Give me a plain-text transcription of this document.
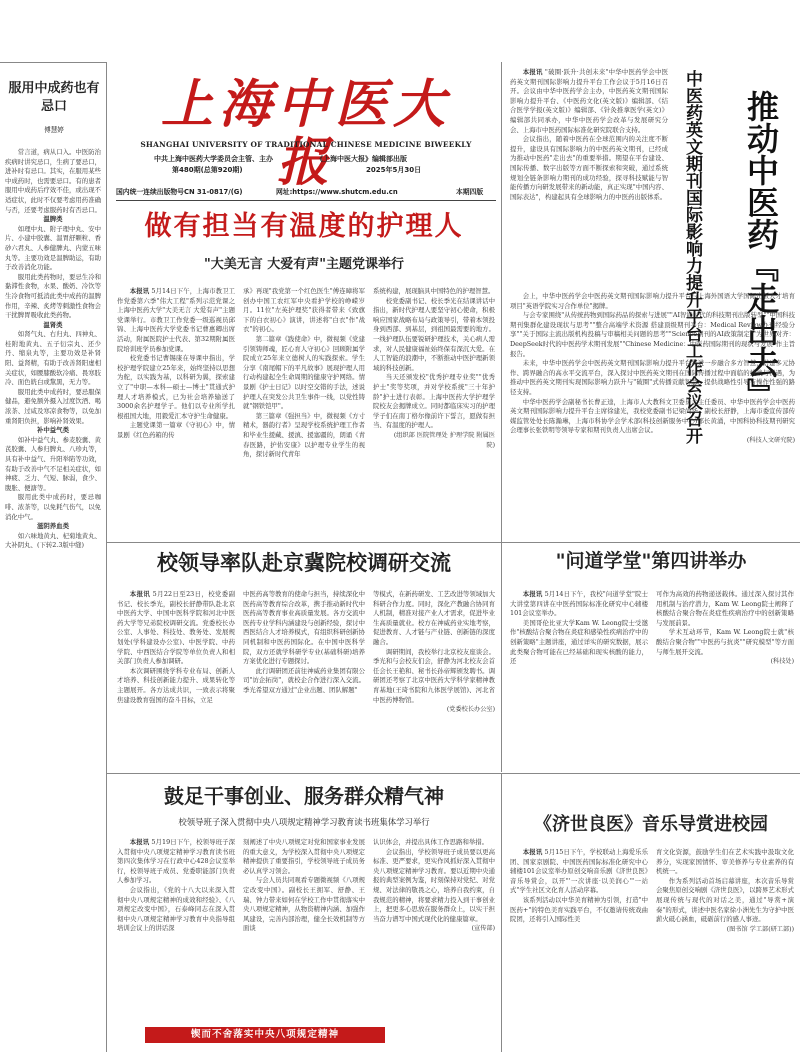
服用中成药也有忌口
傅慧婷

常言道，病从口入。中医防治疾病时讲究忌口，生病了要忌口，进补时有忌口。其实，在服用某些中成药时，也需要忌口。有的患者服用中成药后疗效不佳，或出现不适症状，此时不仅要考虑用药准确与否，还要考虑服药时有否忌口。

温脾类

如理中丸、附子理中丸、安中片、小建中胶囊、温胃舒颗粒、香砂六君丸、人参健脾丸、内蒙五味丸等。主要功效是温脾助运，有助于改善消化功能。

服用此类药物时，要忌生冷和黏滞性食物，水果、酸奶、冷饮等生冷食物可抵消此类中成药的温脾作用，辛辣、炙烤等刺激性食物会干扰脾胃吸收此类药物。

温肾类

如肾气丸、右归丸、四神丸、桂附地黄丸、五子衍宗丸、还少丹、缩泉丸等，主要功效是补肾阳、益肾精，有助于改善肾阳虚相关症状，如腰膝酸软冷痛、畏寒肢冷、面色㿠白或黧黑，无力等。

服用此类中成药时，要忌服保健品，避免额外摄入过度饮酒、喝浓茶、过咸及寒凉食物等，以免加重肾阳负担，影响补肾效果。

补中益气类

如补中益气丸、参麦胶囊、黄芪胶囊、人参归脾丸、八珍丸等，具有补中益气、升阳举陷等功效，有助于改善中气不足相关症状，如神疲、乏力、气短、脉弱，食少、腹胀、便溏等。

服用此类中成药时，要忌咖啡、浓茶等，以免耗气伤气，以免消化中气。

滋阴养血类

如六味地黄丸、杞菊地黄丸、大补阴丸、(下转2.3版中缝)

上海中医大报
SHANGHAI UNIVERSITY OF TRADITIONAL CHINESE MEDICINE BIWEEKLY
中共上海中医药大学委员会主管、主办	《上海中医大报》编辑部出版
第480期(总第920期)	2025年5月30日
国内统一连续出版物号CN 31-0817/(G)	网址:https://www.shutcm.edu.cn	本期四版
做有担当有温度的护理人
"大美无言 大爱有声"主题党课举行

本报讯 5月14日下午，上海市教卫工作党委第六季"伟大工程"系列示范党课之上海中医药大学"大美无言 大爱有声"主题党课举行。市教卫工作党委一级巡视员邱锦、上海中医药大学党委书记曹惠卿出席活动，附属医院护士代表、第32期附属医院培训班学员参加党课。

校党委书记曹锡康在导课中指出，学校护理学院建立25年来，始终坚持以思想为舵，以实践为基，以科研为翼，探索建立了"中职—本科—硕士—博士"贯通式护理人才培养模式，已为社会培养输送了3000余名护理学子。他们以专业所学扎根祖国大地，用毅爱汇本守护生命健康。

主题党课第一篇章《守初心》中，情景剧《红色药箱的传

承》再现"我党第一个红色医生"傅连暲将军创办中国工农红军中央看护学校的峥嵘岁月。11位"左英护理奖"获得者带来《致旗下的白衣初心》演讲，讲述将"白衣"作"战衣"的初心。

第二篇章《践使命》中，微视频《党建引领铸师魂，匠心育人守初心》回顾附属学院成立25年来立德树人的实践探索。学生分享《南尾帽下的平凡故事》展现护理人用行动构建起全生命周期的健康守护网络。情景剧《护士日记》以时空交错的手法，述说护理人在突发公共卫生事件一线，以党性铸就"钢铁铠甲"。

第三篇章《强担当》中，微视频《方寸精术，器韵行者》呈现学校系统护理工作者和毕业生援藏、援滇、援塞疆的，朗诵《青春医路，护佑安康》以护理专业学生的视角，探讨新时代青年

系统构建，展现脑具中国特色的护理智慧。

校党委副书记、校长季光在结课讲话中指出，新时代护理人要坚守初心使命，积极响应国家战略布局与政策导引，带着本领投身到西部、到基层，到祖国最需要的地方。一线护理队伍要锐研护理技术，关心病人需求，对人民健康福祉始终保有深沉大爱。在人工智能的浪潮中，不断推动中医护理新领域的科技创新。

当天还颁发校"优秀护理专业奖""优秀护士"奖等奖项，并对学校系统"三十年护龄"护士进行表彰。上海中医药大学护理学院校友会揭牌成立。同时都临床实习的护理学子们在南丁格尔像前许下誓言，愿做有担当、有温度的护理人。

(组织部 医院管理处 护理学院 附属医院)

推动中医药『走出去』
中医药英文期刊国际影响力提升平台工作会议召开

本报讯 "破圈·跃升·共创未来"中华中医药学会中医药英文期刊国际影响力提升平台工作会议于5月16日召开。会议由中华中医药学会主办，中医药英文期刊国际影响力提升平台、《中医药文化(英文版)》编辑部、《结合医学学报(英文版)》编辑部、《针灸推拿医学(英文)》编辑部共同承办，中华中医药学会改革与发展研究分会、上海市中医药国际标准化研究院联合支持。

会议指出，随着中医药在全球范围内的关注度不断提升，建设具有国际影响力的中医药英文期刊，已经成为推动中医药"走出去"的重要举措。期望在平台建设、国际传播、数字出版等方面不断探索和突破，通过系统规划全链条影响力期刊的成功经验，探寻科技赋能与智能传播方向研发展带来的新动能，真正实现"中国内容、国际表达"，构建起具有全球影响力的中医药出版体系。

会上，中华中医药学会中医药英文期刊国际影响力提升平台与上海外国语大学国际出版人才培育项目"英语学院实习合作单位"揭牌。

与会专家围绕"从传统药物到国际药品的探索与进展""AI智能时代的科技期刊出版转型""中国科技期刊集群化建设现状与思考""整合高端学术资源 搭建顶级期刊平台：Medical Review办刊经验分享""关于国际主流出版机构投稿与审稿相关问题的思考""Science期刊的AI政策制定""为世界对齐：DeepSeek时代的中医药学术期刊发展""Chinese Medicine：中医药国际期刊的现状与发展"作主旨报告。

未来，中华中医药学会中医药英文期刊国际影响力提升平台将进一步融合多方智慧，搭建多元协作、跨界融合的高水平交流平台，深入探讨中医药英文期刊在国际传播过程中面临的挑战与机遇，为推动中医药英文期刊实现国际影响力跃升与"破圈"式传播贡献智慧，提供战略性引导与操作性强的路径支持。

中华中医药学会副秘书长曹正逵，上海市人大教科文卫委员会主任委员、中华中医药学会中医药英文期刊国际影响力提升平台主席徐建光，我校党委副书记梁尚华、副校长舒静，上海市委宣传部传媒监管处处长陈瀚琳，上海市科协学会学术部(科技创新服务中心)部长黄涌，中国科协科技期刊研究会理事长张铁明等领导专家和期刊负责人出席会议。

(科技人文研究院)

校领导率队赴京冀院校调研交流

本报讯 5月22日至23日，校党委副书记、校长季光，副校长舒静带队赴北京中医药大学、中国中医科学院和河北中医药大学等兄弟院校调研交流。党委校长办公室、人事处、科技处、教务处、发展规划处(学科建设办公室)、中医学院、中药学院、中西医结合学院等单位负责人和相关部门负责人参加调研。

本次调研围绕学科专业布局、创新人才培养、科技创新能力提升、成果转化等主题展开。各方达成共识，一致表示将聚焦建设教育强国的奋斗目标，立足

中医药高等教育的使命与担当，持续深化中医药高等教育综合改革，携手推动新时代中医药高等教育事业高质量发展。各方交流中医药专业学科内涵建设与创新经验，探讨中西医结合人才培养模式，有组织科研创新协同机制和中医药国际化。在中国中医科学院，双方还就学科研学专业(基础科研)培养方案优化进行专题探讨。

此行调研团还前往神威药业集团有限公司"访企拓岗"，就校企合作进行深入交流。季光希望双方通过"企业出题、团队解题"

等模式，在新药研发、工艺改进等领域加大科研合作力度。同时，深化产教融合协同育人机制，精准对接产业人才需求，促进毕业生高质量就业。校方在神威药业实地考察，促进教育、人才链与产业链、创新链的深度融合。

调研期间，我校举行北京校友座谈会。季光和与会校友们会，舒静为河北校友会首任会长王艳和、秘书长孙帝辉颁发聘书。调研团还考察了北京中医药大学科学家精神教育基地(王琦书院和九体医学展馆)、河北省中医药博物馆。

(党委校长办公室)

"问道学堂"第四讲举办

本报讯 5月14日下午，我校"问道学堂"院士大讲堂第四讲在中医药国际标准化研究中心辅楼101会议室举办。

美国哥伦比亚大学Kam W. Leong院士受邀作"核酸结合聚合物在炎症和感染性疾病治疗中的创新策略"主题讲座，通过详实的研究数据，展示此类聚合物可能在已经基础和现实核酸的能力，还

可作为高效的药物递送载体。通过深入探讨其作用机制与治疗潜力，Kam W. Leong院士阐释了核酸结合聚合物在炎症性疾病治疗中的创新策略与发展前景。

学术互动环节，Kam W. Leong院士就"核酸结合聚合物""中医药与抗炎""研究模型"等方面与师生展开交流。

(科技处)

鼓足干事创业、服务群众精气神
校领导班子深入贯彻中央八项规定精神学习教育读书班集体学习举行

本报讯 5月19日下午，校领导班子深入贯彻中央八项规定精神学习教育读书班第四次集体学习在行政中心428会议室举行，校领导班子成员、党委职能部门负责人参加学习。

会议指出，《党的十八大以来深入贯彻中央八项规定精神的成效和经验》、《八项规定改变中国》，石泰峰同志在深入贯彻中央八项规定精神学习教育中央指导组培训会议上的讲话深

刻阐述了中央八项规定对党和国家事业发展的重大意义，为学校深入贯彻中央八项规定精神提供了重要指引，学校领导班子成员务必认真学习领会。

与会人员共同观看专题微视频《八项规定改变中国》。副校长王拥军、舒静、王瑞、钟力带来如何在学校工作中贯彻落实中央八项规定精神，从物资精神内涵、加强作风建设，完善内部治理，健全长效机制等方面谈

认识体会，并提出具体工作思路和举措。

会议指出，学校领导班子成员要以更高标准、更严要求，更实作风抓好深入贯彻中央八项规定精神学习教育。要以近期中央通报的典型案例为鉴，时刻保持对党纪、对党规、对法律的敬畏之心，培养自我约束，自我规范的精神，将要求精力投入到干事创业上，把更多心思放在服务群众上，以实干担当奋力谱写中国式现代化的健康篇章。

(宣传部)

锲而不舍落实中央八项规定精神
《济世良医》音乐导赏进校园

本报讯 5月15日下午，学校联动上海爱乐乐团、国家京剧院、中国医药国际标准化研究中心辅楼101会议室举办原创交响音乐剧《济世良医》音乐导赏会，以开"'一次讲座·以美润心'"一站式"学生社区文化育人活动序幕。

该系列活动以中华美育精神为引领，打造"中医药+"的特色美育实践平台，不仅邀请传统戏曲院团，还将引入国际性美

育文化资源，鼓励学生们在艺术实践中汲取文化养分，实现家国情怀、审美修养与专业素养的有机统一。

作为系列活动首场启幕讲座，本次音乐导赏会聚焦原创交响剧《济世良医》，以跨界艺术形式展现传统与现代的对话之美，通过"导赏+演奏"的形式，讲述中医名家徐小洲先生为守护中医薪火砥心涵血，砥砺前行的感人事迹。

(图书馆 学工部(研工部))
